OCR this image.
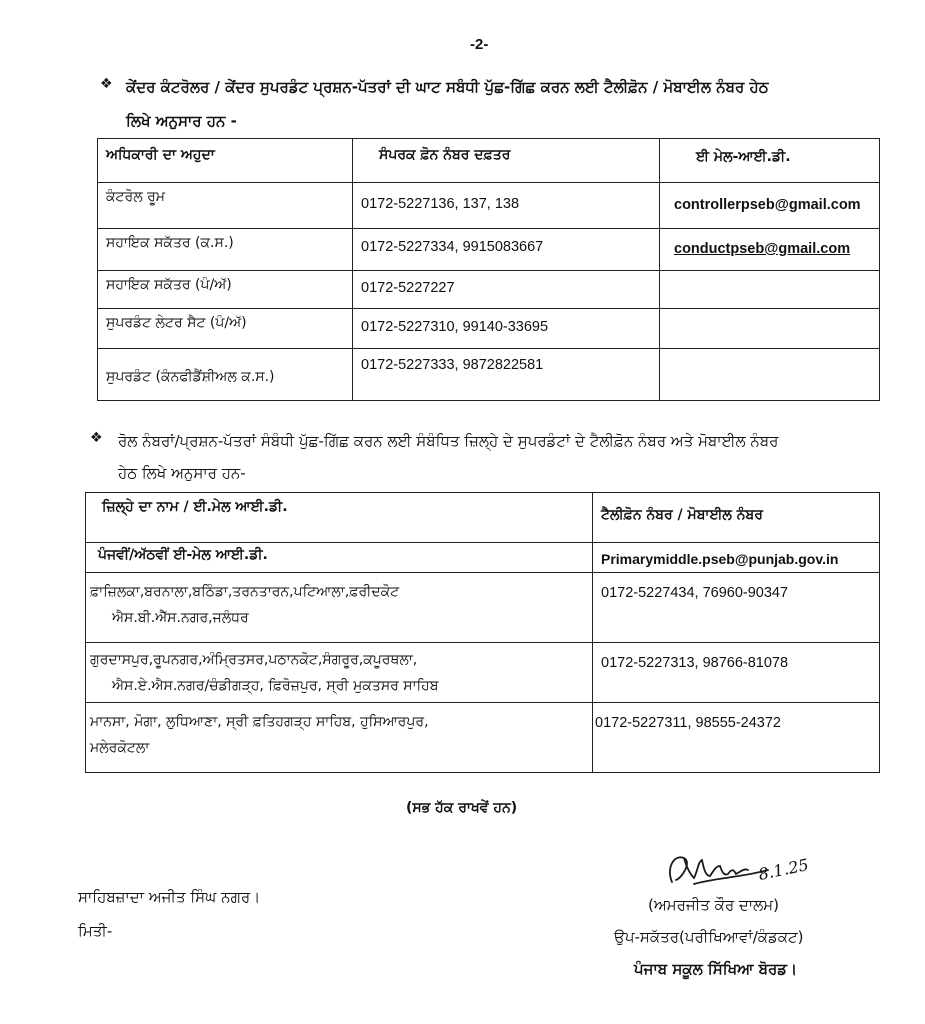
-2-
❖ ਕੇਂਦਰ ਕੰਟਰੋਲਰ / ਕੇਂਦਰ ਸੁਪਰਡੰਟ ਪ੍ਰਸ਼ਨ-ਪੱਤਰਾਂ ਦੀ ਘਾਟ ਸਬੰਧੀ ਪੁੱਛ-ਗਿੱਛ ਕਰਨ ਲਈ ਟੈਲੀਫ਼ੋਨ / ਮੋਬਾਈਲ ਨੰਬਰ ਹੇਠ
ਲਿਖੇ ਅਨੁਸਾਰ ਹਨ -
ਅਧਿਕਾਰੀ ਦਾ ਅਹੁਦਾ	ਸੰਪਰਕ ਫ਼ੋਨ ਨੰਬਰ ਦਫ਼ਤਰ	ਈ ਮੇਲ-ਆਈ.ਡੀ.
ਕੰਟਰੋਲ ਰੂਮ	0172-5227136, 137, 138	controllerpseb@gmail.com
ਸਹਾਇਕ ਸਕੱਤਰ (ਕ.ਸ.)	0172-5227334, 9915083667	conductpseb@gmail.com
ਸਹਾਇਕ ਸਕੱਤਰ (ਪੰ/ਅੱ)	0172-5227227	
ਸੁਪਰਡੰਟ ਲੇਟਰ ਸੈਟ (ਪੰ/ਅੱ)	0172-5227310, 99140-33695	
ਸੁਪਰਡੰਟ (ਕੰਨਫੀਡੈਂਸ਼ੀਅਲ ਕ.ਸ.)	0172-5227333, 9872822581	
❖ ਰੋਲ ਨੰਬਰਾਂ/ਪ੍ਰਸ਼ਨ-ਪੱਤਰਾਂ ਸੰਬੰਧੀ ਪੁੱਛ-ਗਿੱਛ ਕਰਨ ਲਈ ਸੰਬੰਧਿਤ ਜ਼ਿਲ੍ਹੇ ਦੇ ਸੁਪਰਡੰਟਾਂ ਦੇ ਟੈਲੀਫ਼ੋਨ ਨੰਬਰ ਅਤੇ ਮੋਬਾਈਲ ਨੰਬਰ
ਹੇਠ ਲਿਖੇ ਅਨੁਸਾਰ ਹਨ-
ਜ਼ਿਲ੍ਹੇ ਦਾ ਨਾਮ / ਈ.ਮੇਲ ਆਈ.ਡੀ.	ਟੈਲੀਫ਼ੋਨ ਨੰਬਰ / ਮੋਬਾਈਲ ਨੰਬਰ
ਪੰਜਵੀਂ/ਅੱਠਵੀਂ ਈ-ਮੇਲ ਆਈ.ਡੀ.	Primarymiddle.pseb@punjab.gov.in

ਫ਼ਾਜ਼ਿਲਕਾ,ਬਰਨਾਲਾ,ਬਠਿੰਡਾ,ਤਰਨਤਾਰਨ,ਪਟਿਆਲਾ,ਫ਼ਰੀਦਕੋਟ
ਐਸ.ਬੀ.ਐੱਸ.ਨਗਰ,ਜਲੰਧਰ	0172-5227434, 76960-90347

ਗੁਰਦਾਸਪੁਰ,ਰੂਪਨਗਰ,ਅੰਮ੍ਰਿਤਸਰ,ਪਠਾਨਕੋਟ,ਸੰਗਰੂਰ,ਕਪੂਰਥਲਾ,
ਐਸ.ਏ.ਐਸ.ਨਗਰ/ਚੰਡੀਗੜ੍ਹ, ਫ਼ਿਰੋਜ਼ਪੁਰ, ਸ੍ਰੀ ਮੁਕਤਸਰ ਸਾਹਿਬ	0172-5227313, 98766-81078

ਮਾਨਸਾ, ਮੋਗਾ, ਲੁਧਿਆਣਾ, ਸ੍ਰੀ ਫ਼ਤਿਹਗੜ੍ਹ ਸਾਹਿਬ, ਹੁਸਿਆਰਪੁਰ,
ਮਲੇਰਕੋਟਲਾ	0172-5227311, 98555-24372
(ਸਭ ਹੱਕ ਰਾਖਵੇਂ ਹਨ)
ਸਾਹਿਬਜ਼ਾਦਾ ਅਜੀਤ ਸਿੰਘ ਨਗਰ।
ਮਿਤੀ-
8.1.25
(ਅਮਰਜੀਤ ਕੌਰ ਦਾਲਮ)
ਉਪ-ਸਕੱਤਰ(ਪਰੀਖਿਆਵਾਂ/ਕੰਡਕਟ)
ਪੰਜਾਬ ਸਕੂਲ ਸਿੱਖਿਆ ਬੋਰਡ।
